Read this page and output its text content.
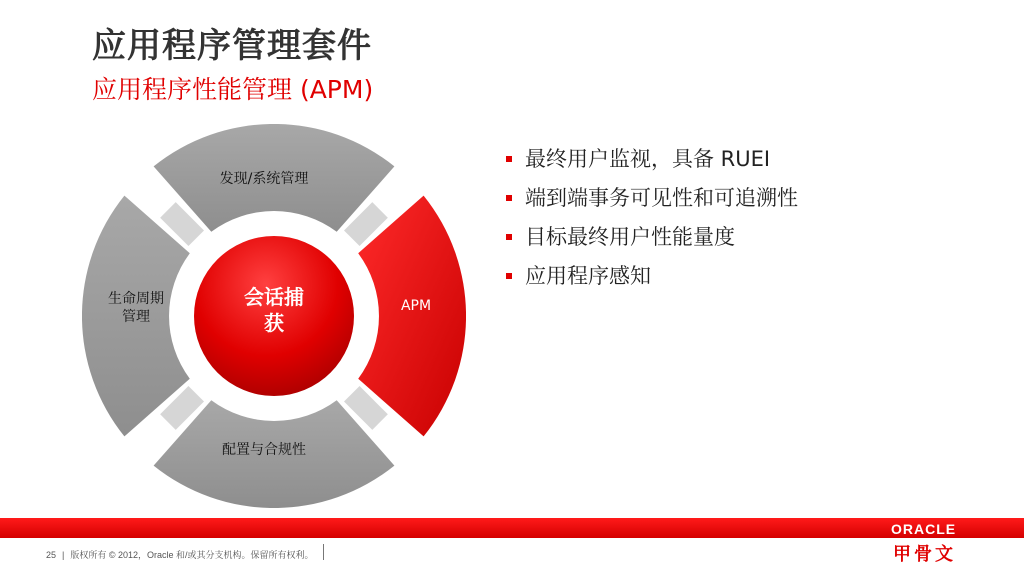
应用程序管理套件
应用程序性能管理 (APM)
发现/系统管理
APM
配置与合规性
生命周期
管理
会话捕
获
最终用户监视，具备 RUEI
端到端事务可见性和可追溯性
目标最终用户性能量度
应用程序感知
ORACLE
甲骨文
25 | 版权所有 © 2012，Oracle 和/或其分支机构。保留所有权利。
